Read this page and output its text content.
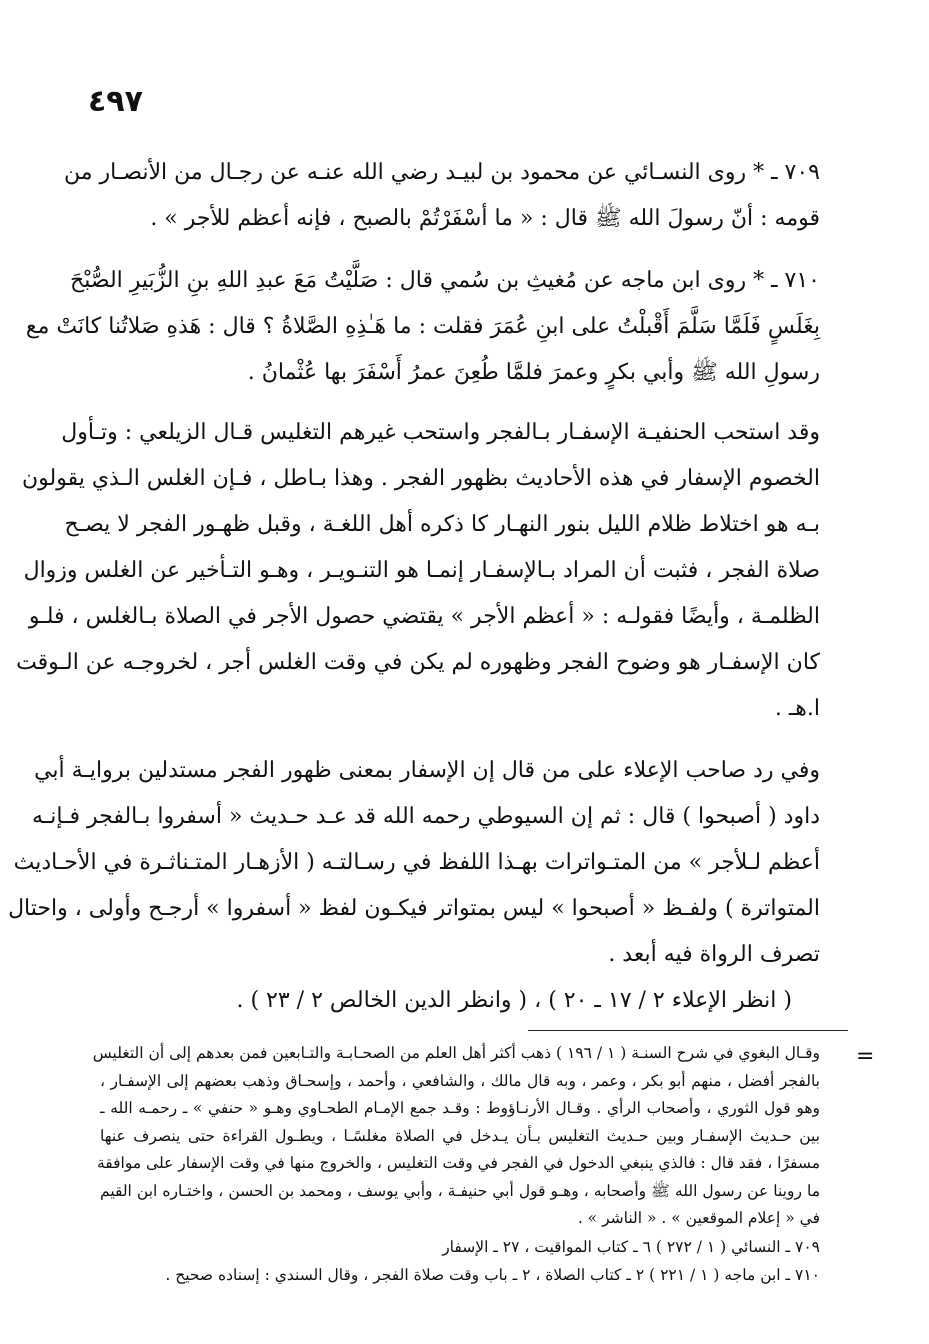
٤٩٧
٧٠٩ ـ * روى النسـائي عن محمود بن لبيـد رضي الله عنـه عن رجـال من الأنصـار من
قومه : أنّ رسولَ الله ﷺ قال : « ما أسْفَرْتُمْ بالصبح ، فإنه أعظم للأجر » .
٧١٠ ـ * روى ابن ماجه عن مُغيثِ بن سُمي قال : صَلَّيْتُ مَعَ عبدِ اللهِ بنِ الزُّبَيرِ الصُّبْحَ
بِغَلَسٍ فَلَمَّا سَلَّمَ أَقْبلْتُ على ابنِ عُمَرَ فقلت : ما هَـٰذِهِ الصَّلاةُ ؟ قال : هَذهِ صَلاتُنا كانَتْ مع
رسولِ الله ﷺ وأبي بكرٍ وعمرَ فلمَّا طُعِنَ عمرُ أَسْفَرَ بها عُثْمانُ .
وقد استحب الحنفيـة الإسفـار بـالفجر واستحب غيرهم التغليس قـال الزيلعي : وتـأول
الخصوم الإسفار في هذه الأحاديث بظهور الفجر . وهذا بـاطل ، فـإن الغلس الـذي يقولون
بـه هو اختلاط ظلام الليل بنور النهـار كا ذكره أهل اللغـة ، وقبل ظهـور الفجر لا يصـح
صلاة الفجر ، فثبت أن المراد بـالإسفـار إنمـا هو التنـويـر ، وهـو التـأخير عن الغلس وزوال
الظلمـة ، وأيضًا فقولـه : « أعظم الأجر » يقتضي حصول الأجر في الصلاة بـالغلس ، فلـو
كان الإسفـار هو وضوح الفجر وظهوره لم يكن في وقت الغلس أجر ، لخروجـه عن الـوقت
ا.هـ .
وفي رد صاحب الإعلاء على من قال إن الإسفار بمعنى ظهور الفجر مستدلين بروايـة أبي
داود ( أصبحوا ) قال : ثم إن السيوطي رحمه الله قد عـد حـديث « أسفروا بـالفجر فـإنـه
أعظم لـلأجر » من المتـواترات بهـذا اللفظ في رسـالتـه ( الأزهـار المتـناثـرة في الأحـاديث
المتواترة ) ولفـظ « أصبحوا » ليس بمتواتر فيكـون لفظ « أسفروا » أرجـح وأولى ، واحتال
تصرف الرواة فيه أبعد .
( انظر الإعلاء ٢ / ١٧ ـ ٢٠ ) ، ( وانظر الدين الخالص ٢ / ٢٣ ) .
=
وقـال البغوي في شرح السنـة ( ١ / ١٩٦ ) ذهب أكثر أهل العلم من الصحـابـة والتـابعين فمن بعدهم إلى أن التغليس
بالفجر أفضل ، منهم أبو بكر ، وعمر ، وبه قال مالك ، والشافعي ، وأحمد ، وإسحـاق وذهب بعضهم إلى الإسفـار ،
وهو قول الثوري ، وأصحاب الرأي . وقـال الأرنـاؤوط : وقـد جمع الإمـام الطحـاوي وهـو « حنفي » ـ رحمـه الله ـ
بين حـديث الإسفـار وبين حـديث التغليس بـأن يـدخل في الصلاة مغلسًـا ، ويطـول القراءة حتى ينصرف عنها
مسفرًا ، فقد قال : فالذي ينبغي الدخول في الفجر في وقت التغليس ، والخروج منها في وقت الإسفار على موافقة
ما روينا عن رسول الله ﷺ وأصحابه ، وهـو قول أبي حنيفـة ، وأبي يوسف ، ومحمد بن الحسن ، واختـاره ابن القيم
في « إعلام الموقعين » . « الناشر » .
٧٠٩ ـ النسائي ( ١ / ٢٧٢ ) ٦ ـ كتاب المواقيت ، ٢٧ ـ الإسفار
٧١٠ ـ ابن ماجه ( ١ / ٢٢١ ) ٢ ـ كتاب الصلاة ، ٢ ـ باب وقت صلاة الفجر ، وقال السندي : إسناده صحيح .
